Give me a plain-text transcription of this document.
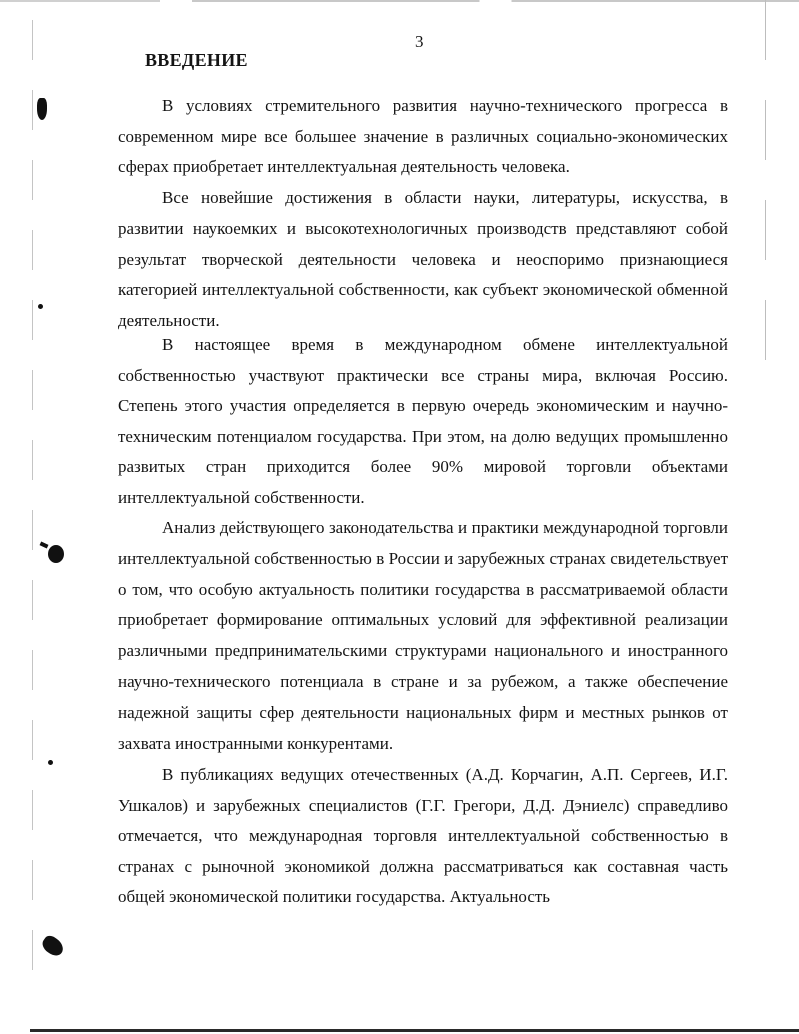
3
ВВЕДЕНИЕ

В условиях стремительного развития научно-технического прогресса в современном мире все большее значение в различных социально-экономических сферах приобретает интеллектуальная деятельность человека.

Все новейшие достижения в области науки, литературы, искусства, в развитии наукоемких и высокотехнологичных производств представляют собой результат творческой деятельности человека и неоспоримо признающиеся категорией интеллектуальной собственности, как субъект экономической обменной деятельности.

В настоящее время в международном обмене интеллектуальной собственностью участвуют практически все страны мира, включая Россию. Степень этого участия определяется в первую очередь экономическим и научно-техническим потенциалом государства. При этом, на долю ведущих промышленно развитых стран приходится более 90% мировой торговли объектами интеллектуальной собственности.

Анализ действующего законодательства и практики международной торговли интеллектуальной собственностью в России и зарубежных странах свидетельствует о том, что особую актуальность политики государства в рассматриваемой области приобретает формирование оптимальных условий для эффективной реализации различными предпринимательскими структурами национального и иностранного научно-технического потенциала в стране и за рубежом, а также обеспечение надежной защиты сфер деятельности национальных фирм и местных рынков от захвата иностранными конкурентами.

В публикациях ведущих отечественных (А.Д. Корчагин, А.П. Сергеев, И.Г. Ушкалов) и зарубежных специалистов (Г.Г. Грегори, Д.Д. Дэниелс) справедливо отмечается, что международная торговля интеллектуальной собственностью в странах с рыночной экономикой должна рассматриваться как составная часть общей экономической политики государства. Актуальность
